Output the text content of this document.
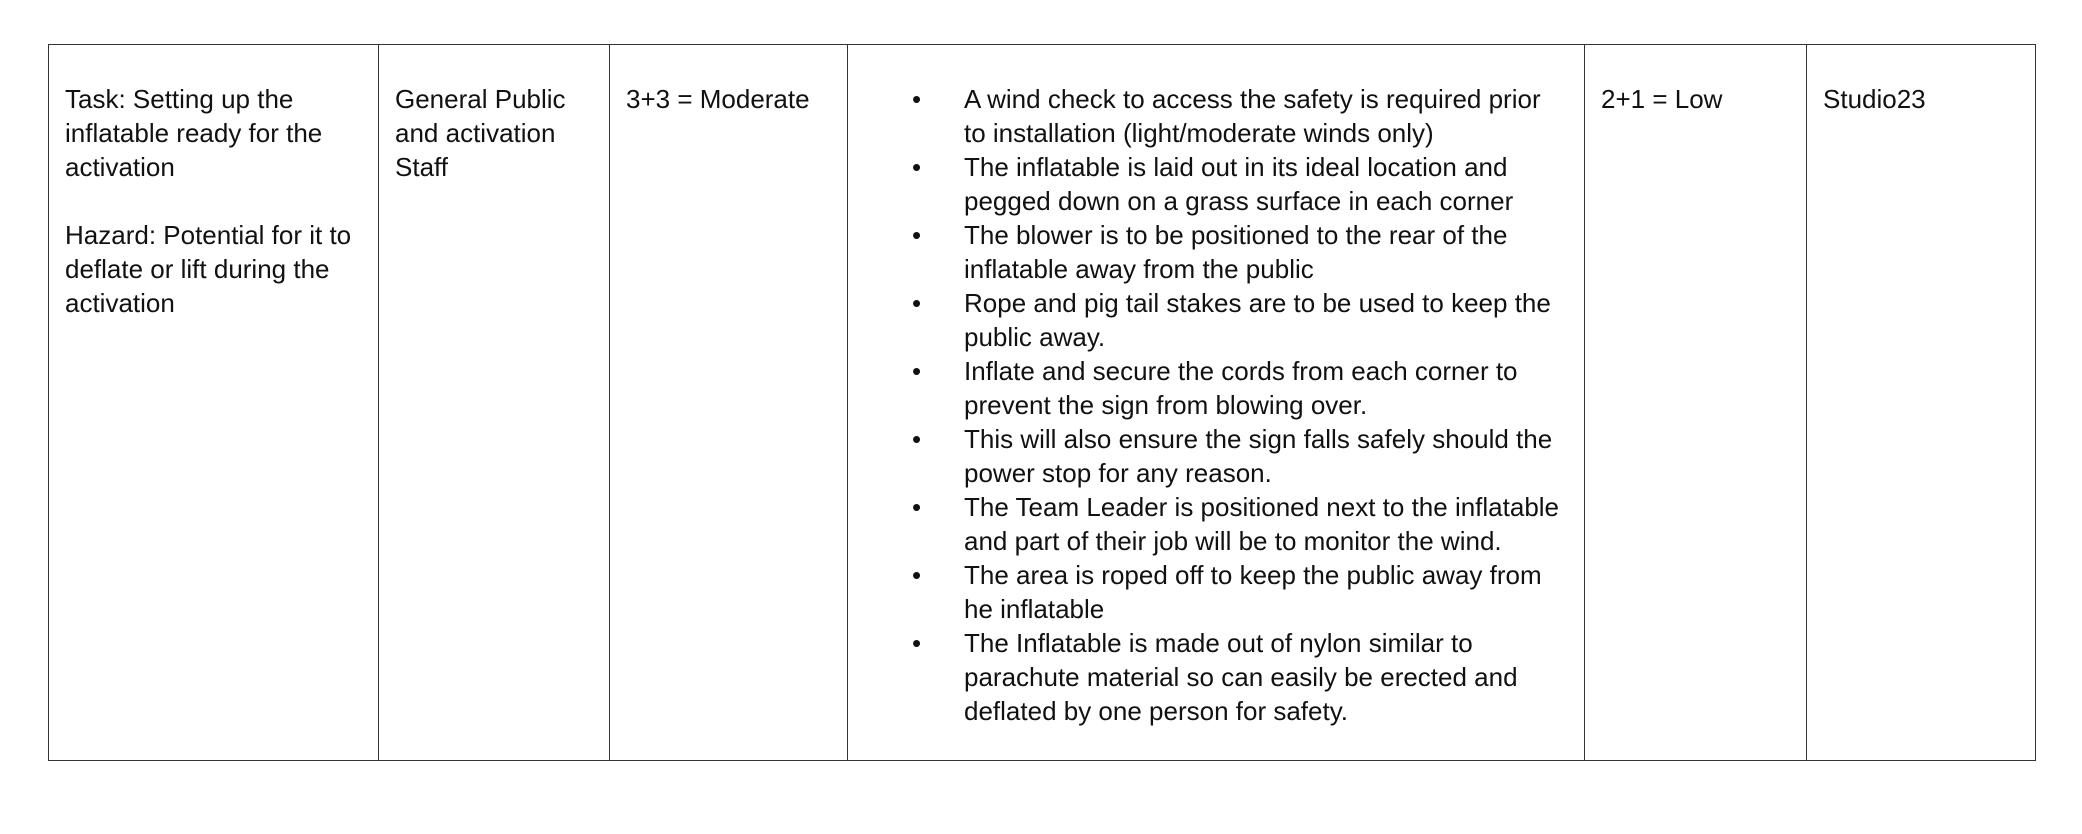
Task: Setting up the inflatable ready for the activation
Hazard: Potential for it to deflate or lift during the activation
	General Public and activation Staff	3+3 = Moderate	• A wind check to access the safety is required prior to installation (light/moderate winds only)
• The inflatable is laid out in its ideal location and pegged down on a grass surface in each corner
• The blower is to be positioned to the rear of the inflatable away from the public
• Rope and pig tail stakes are to be used to keep the public away.
• Inflate and secure the cords from each corner to prevent the sign from blowing over.
• This will also ensure the sign falls safely should the power stop for any reason.
• The Team Leader is positioned next to the inflatable and part of their job will be to monitor the wind.
• The area is roped off to keep the public away from he inflatable
• The Inflatable is made out of nylon similar to parachute material so can easily be erected and deflated by one person for safety.
	2+1 = Low	Studio23
